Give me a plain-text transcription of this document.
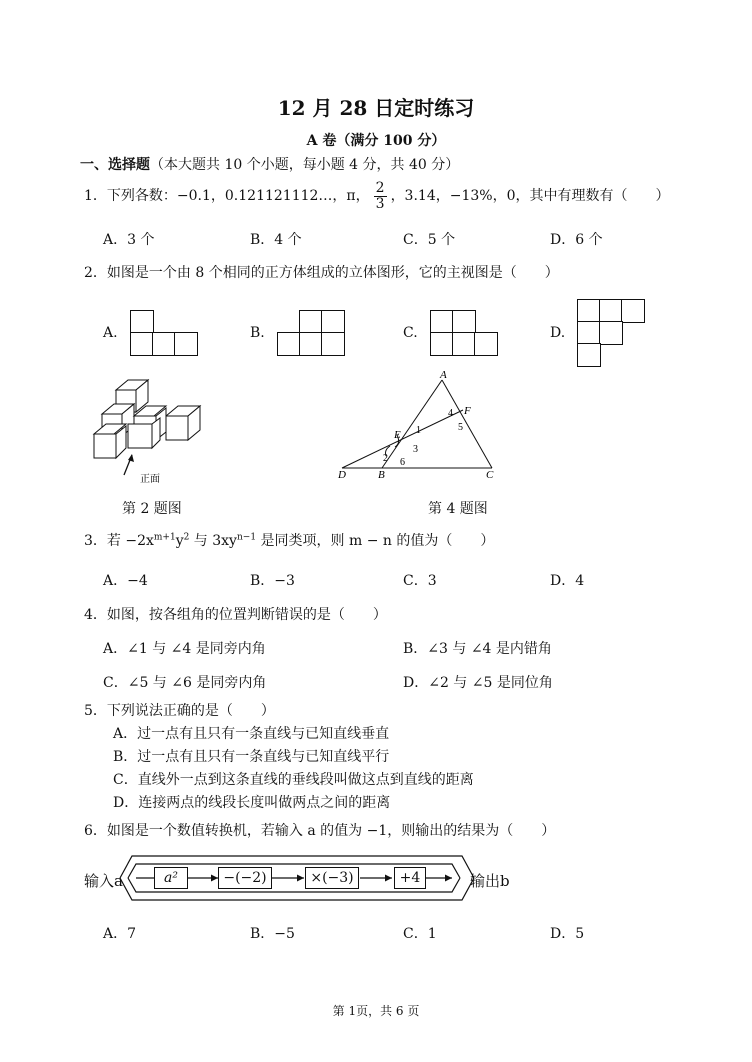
12 月 28 日定时练习
A 卷（满分 100 分）
一、选择题（本大题共 10 个小题，每小题 4 分，共 40 分）
1．下列各数：−0.1，0.121121112…，π， $\frac{2}{3}$ ，3.14，−13%，0，其中有理数有（　　）
A．3 个	B．4 个	C．5 个	D．6 个
2．如图是一个由 8 个相同的正方体组成的立体图形，它的主视图是（　　）
A.	B.	C.	D.
正面
第 2 题图
A
F
E
D	B	C
1
2
3
4
5
6
第 4 题图
3．若 $-2x^{m+1}y^2$ 与 $3xy^{n-1}$ 是同类项，则 m − n 的值为（　　）
A．−4	B．−3	C．3	D．4
4．如图，按各组角的位置判断错误的是（　　）
A．∠1 与 ∠4 是同旁内角	B．∠3 与 ∠4 是内错角
C．∠5 与 ∠6 是同旁内角	D．∠2 与 ∠5 是同位角
5．下列说法正确的是（　　）
A．过一点有且只有一条直线与已知直线垂直
B．过一点有且只有一条直线与已知直线平行
C．直线外一点到这条直线的垂线段叫做这点到直线的距离
D．连接两点的线段长度叫做两点之间的距离
6．如图是一个数值转换机，若输入 a 的值为 −1，则输出的结果为（　　）
输入a	a²	−(−2)	×(−3)	+4	输出b
A．7	B．−5	C．1	D．5
第 1页，共 6 页
